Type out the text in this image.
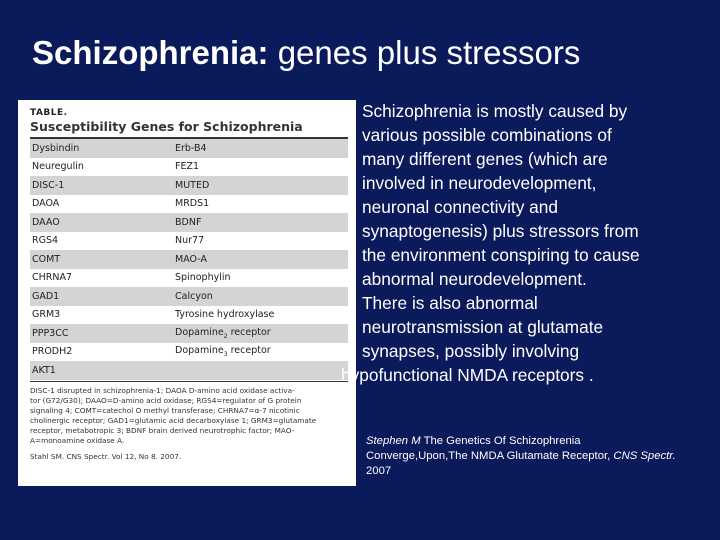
Schizophrenia: genes plus stressors
TABLE.
Susceptibility Genes for Schizophrenia
Dysbindin	Erb-B4
Neuregulin	FEZ1
DISC-1	MUTED
DAOA	MRDS1
DAAO	BDNF
RGS4	Nur77
COMT	MAO-A
CHRNA7	Spinophylin
GAD1	Calcyon
GRM3	Tyrosine hydroxylase
PPP3CC	Dopamine$_2$ receptor
PRODH2	Dopamine$_3$ receptor
AKT1
DISC-1 disrupted in schizophrenia-1; DAOA D-amino acid oxidase activa-
tor (G72/G30); DAAO=D-amino acid oxidase; RGS4=regulator of G protein
signaling 4; COMT=catechol O methyl transferase; CHRNA7=α-7 nicotinic
cholinergic receptor; GAD1=glutamic acid decarboxylase 1; GRM3=glutamate
receptor, metabotropic 3; BDNF brain derived neurotrophic factor; MAO-
A=monoamine oxidase A.
Stahl SM. CNS Spectr. Vol 12, No 8. 2007.
Schizophrenia is mostly caused by
various possible combinations of
many different genes (which are
involved in neurodevelopment,
neuronal connectivity and
synaptogenesis) plus stressors from
the environment conspiring to cause
abnormal neurodevelopment.
There is also abnormal
neurotransmission at glutamate
synapses, possibly involving
hypofunctional NMDA receptors .
Stephen M The Genetics Of Schizophrenia
Converge,Upon,The NMDA Glutamate Receptor, CNS Spectr.
2007
